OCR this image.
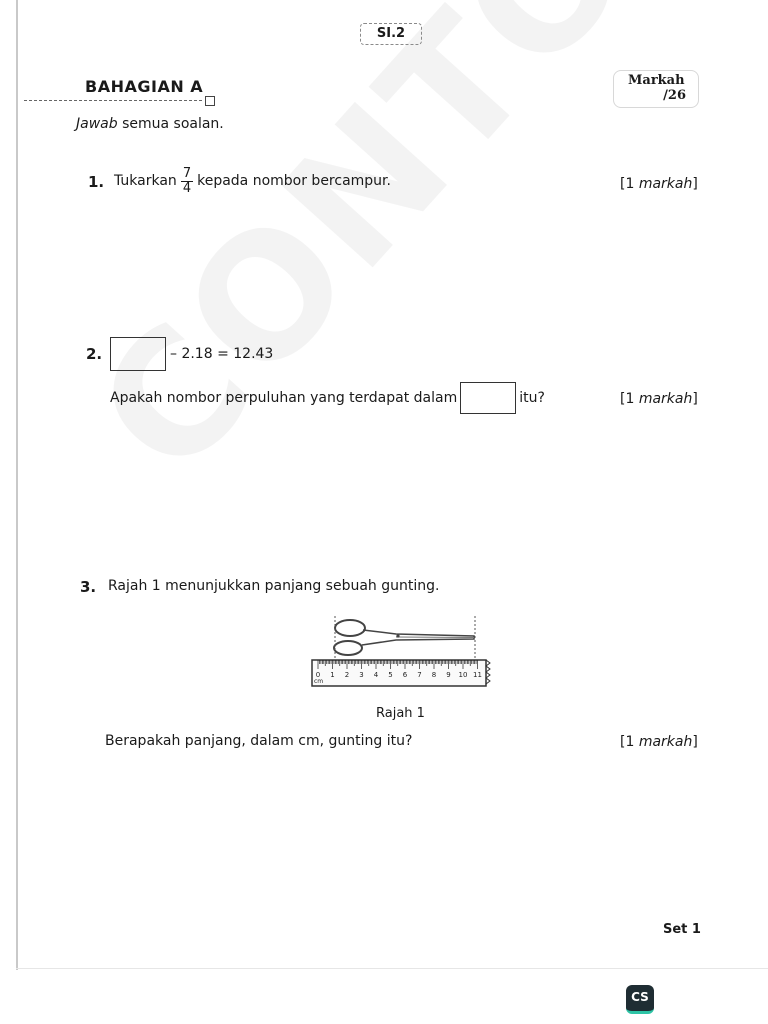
SI.2
BAHAGIAN A	Markah
/26
Jawab semua soalan.
1. Tukarkan $\frac{7}{4}$ kepada nombor bercampur.	[1 markah]
2.	– 2.18 = 12.43
Apakah nombor perpuluhan yang terdapat dalam	itu?	[1 markah]
3. Rajah 1 menunjukkan panjang sebuah gunting.
0 1 2 3 4 5 6 7 8 9 10 11
cm
Rajah 1
Berapakah panjang, dalam cm, gunting itu?	[1 markah]
Set 1
CS
